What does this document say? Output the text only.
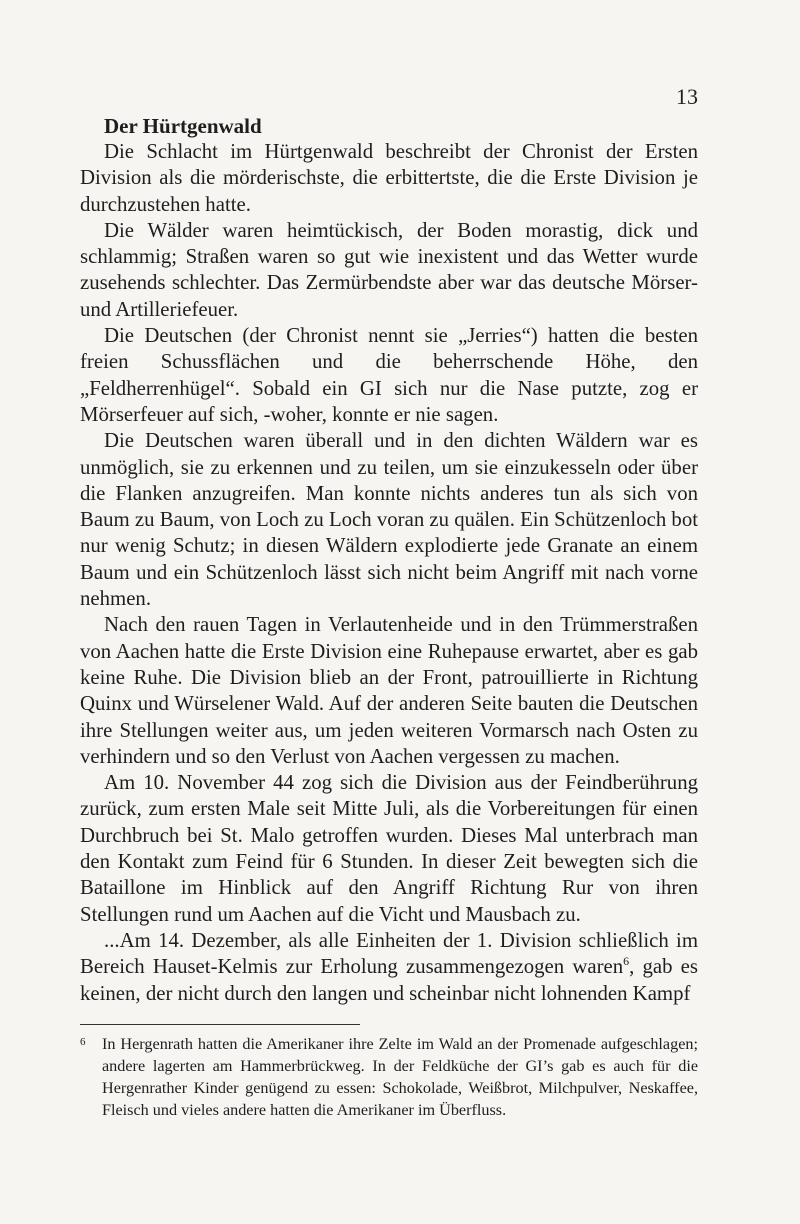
13

Der Hürtgenwald

Die Schlacht im Hürtgenwald beschreibt der Chronist der Ersten Division als die mörderischste, die erbittertste, die die Erste Division je durchzustehen hatte.

Die Wälder waren heimtückisch, der Boden morastig, dick und schlammig; Straßen waren so gut wie inexistent und das Wetter wurde zusehends schlechter. Das Zermürbendste aber war das deutsche Mörser- und Artilleriefeuer.

Die Deutschen (der Chronist nennt sie „Jerries“) hatten die besten freien Schussflächen und die beherrschende Höhe, den „Feldherrenhügel“. Sobald ein GI sich nur die Nase putzte, zog er Mörserfeuer auf sich, -woher, konnte er nie sagen.

Die Deutschen waren überall und in den dichten Wäldern war es unmöglich, sie zu erkennen und zu teilen, um sie einzukesseln oder über die Flanken anzugreifen. Man konnte nichts anderes tun als sich von Baum zu Baum, von Loch zu Loch voran zu quälen. Ein Schützenloch bot nur wenig Schutz; in diesen Wäldern explodierte jede Granate an einem Baum und ein Schützenloch lässt sich nicht beim Angriff mit nach vorne nehmen.

Nach den rauen Tagen in Verlautenheide und in den Trümmerstraßen von Aachen hatte die Erste Division eine Ruhepause erwartet, aber es gab keine Ruhe. Die Division blieb an der Front, patrouillierte in Richtung Quinx und Würselener Wald. Auf der anderen Seite bauten die Deutschen ihre Stellungen weiter aus, um jeden weiteren Vormarsch nach Osten zu verhindern und so den Verlust von Aachen vergessen zu machen.

Am 10. November 44 zog sich die Division aus der Feindberührung zurück, zum ersten Male seit Mitte Juli, als die Vorbereitungen für einen Durchbruch bei St. Malo getroffen wurden. Dieses Mal unterbrach man den Kontakt zum Feind für 6 Stunden. In dieser Zeit bewegten sich die Bataillone im Hinblick auf den Angriff Richtung Rur von ihren Stellungen rund um Aachen auf die Vicht und Mausbach zu.

...Am 14. Dezember, als alle Einheiten der 1. Division schließlich im Bereich Hauset-Kelmis zur Erholung zusammengezogen waren$^6$, gab es keinen, der nicht durch den langen und scheinbar nicht lohnenden Kampf

6	In Hergenrath hatten die Amerikaner ihre Zelte im Wald an der Promenade aufgeschlagen; andere lagerten am Hammerbrückweg. In der Feldküche der GI’s gab es auch für die Hergenrather Kinder genügend zu essen: Schokolade, Weißbrot, Milchpulver, Neskaffee, Fleisch und vieles andere hatten die Amerikaner im Überfluss.
